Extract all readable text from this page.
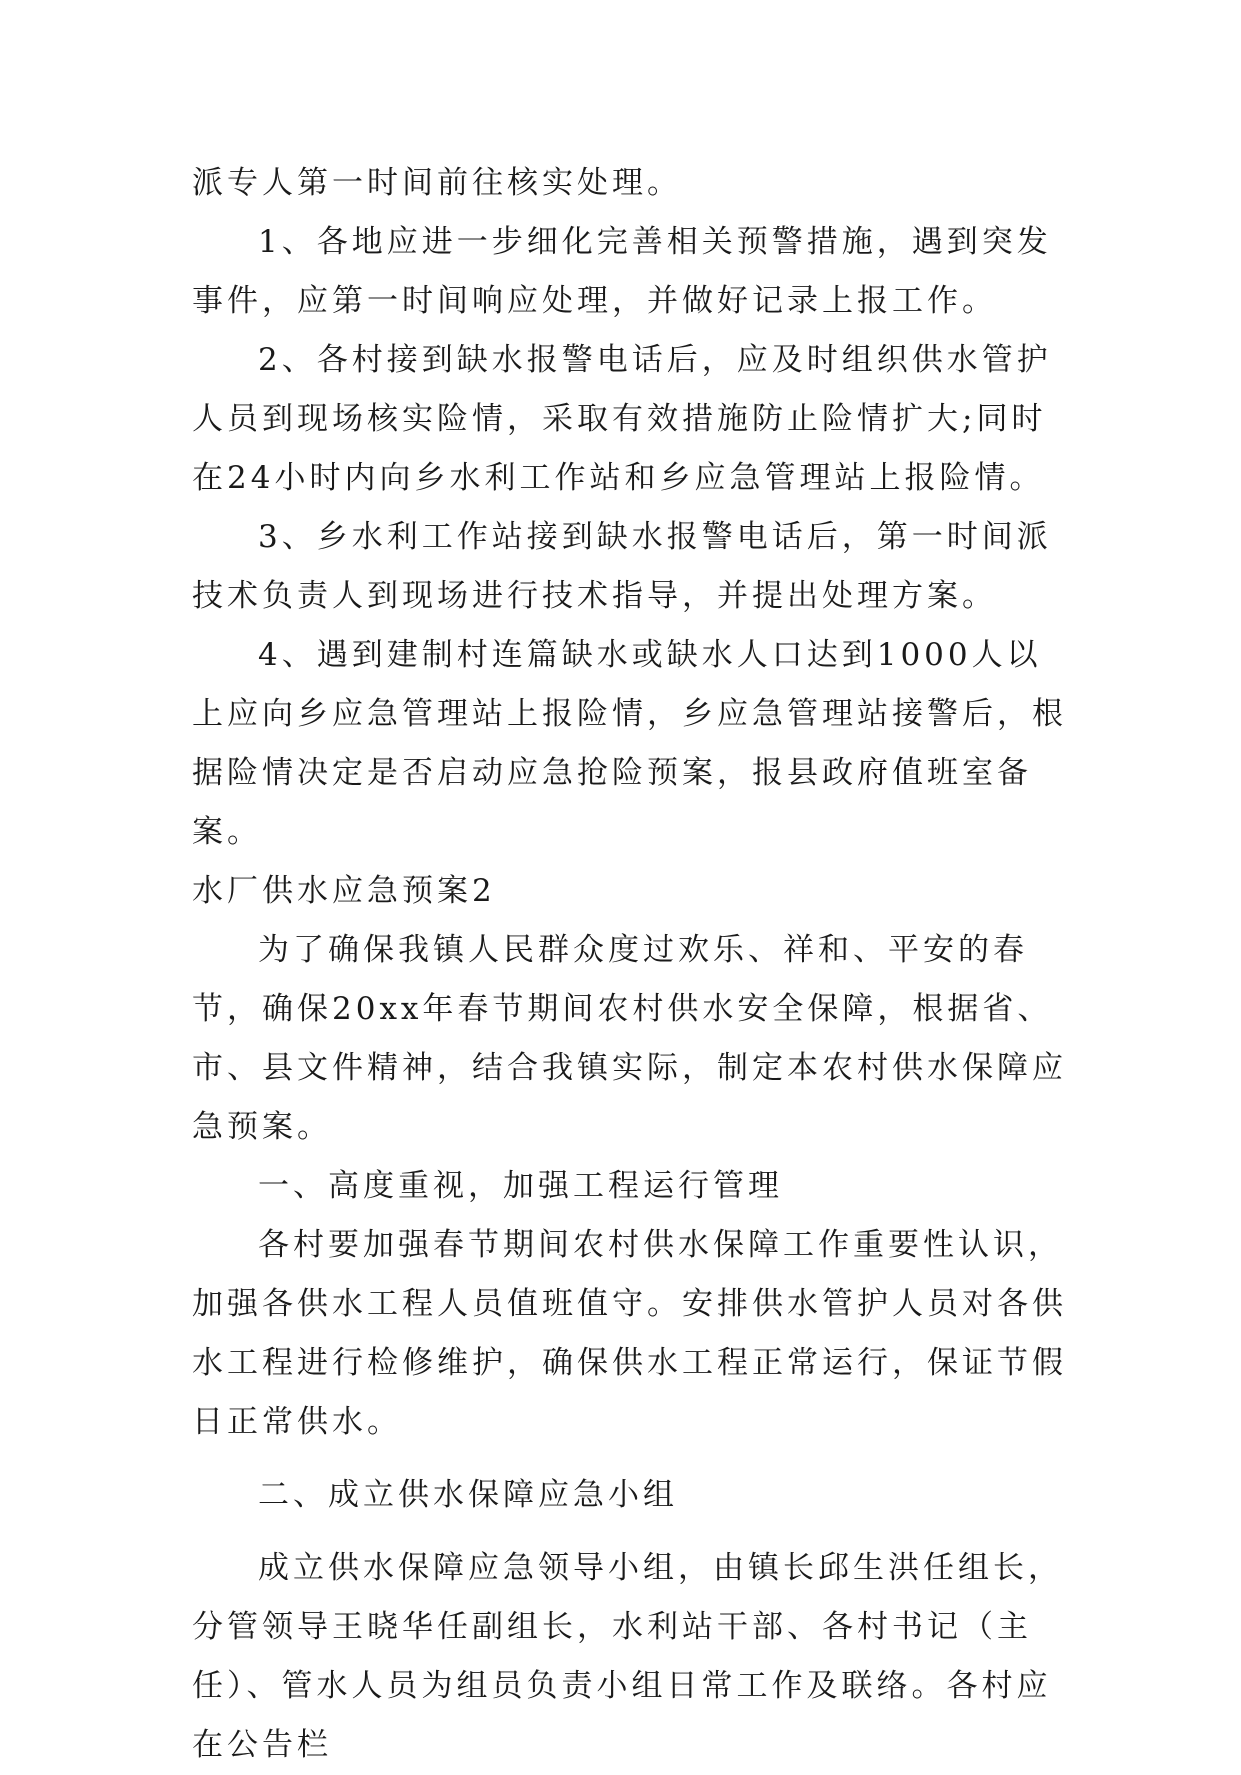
派专人第一时间前往核实处理。

1、各地应进一步细化完善相关预警措施，遇到突发事件，应第一时间响应处理，并做好记录上报工作。

2、各村接到缺水报警电话后，应及时组织供水管护人员到现场核实险情，采取有效措施防止险情扩大;同时在24小时内向乡水利工作站和乡应急管理站上报险情。

3、乡水利工作站接到缺水报警电话后，第一时间派技术负责人到现场进行技术指导，并提出处理方案。

4、遇到建制村连篇缺水或缺水人口达到1000人以上应向乡应急管理站上报险情，乡应急管理站接警后，根据险情决定是否启动应急抢险预案，报县政府值班室备案。

水厂供水应急预案2

为了确保我镇人民群众度过欢乐、祥和、平安的春节，确保20xx年春节期间农村供水安全保障，根据省、市、县文件精神，结合我镇实际，制定本农村供水保障应急预案。

一、高度重视，加强工程运行管理

各村要加强春节期间农村供水保障工作重要性认识，加强各供水工程人员值班值守。安排供水管护人员对各供水工程进行检修维护，确保供水工程正常运行，保证节假日正常供水。

二、成立供水保障应急小组

成立供水保障应急领导小组，由镇长邱生洪任组长，分管领导王晓华任副组长，水利站干部、各村书记（主任）、管水人员为组员负责小组日常工作及联络。各村应在公告栏
